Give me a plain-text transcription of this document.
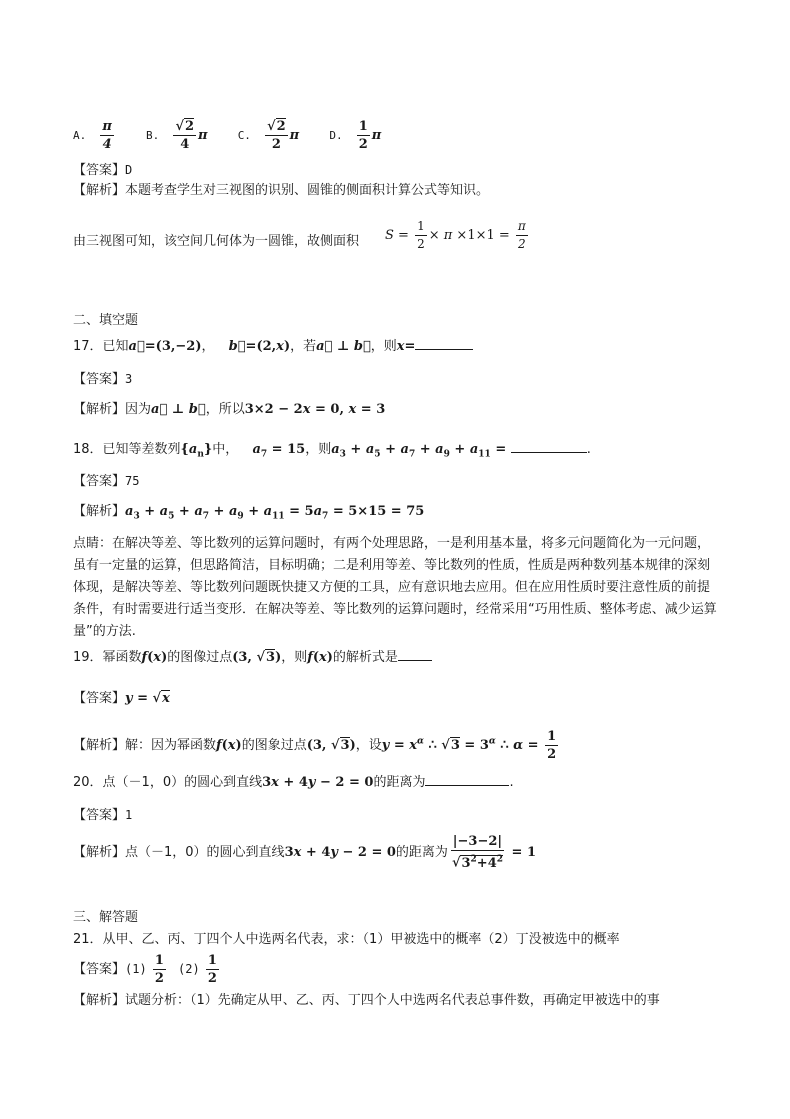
A. $\frac{\pi}{4}$	B. $\frac{√2}{4}$ π	C. $\frac{√2}{2}$ π	D. $\frac{1}{2}$ π
【答案】D
【解析】本题考查学生对三视图的识别、圆锥的侧面积计算公式等知识。
由三视图可知，该空间几何体为一圆锥，故侧面积 $S = \frac{1}{2} \times \pi \times 1\times 1 = \frac{\pi}{2}$
二、填空题
17．已知a⃗=(3,−2)， b⃗=(2,x)，若a⃗ ⊥ b⃗，则x=
【答案】3
【解析】因为a⃗ ⊥ b⃗，所以3×2 − 2x = 0, x = 3
18．已知等差数列$\{a_n\}$中， $a_7 = 15$，则$a_3 + a_5 + a_7 + a_9 + a_{11}$ =	.
【答案】75
【解析】$a_3 + a_5 + a_7 + a_9 + a_{11} = 5a_7 = 5\times 15 = 75$
点睛：在解决等差、等比数列的运算问题时，有两个处理思路，一是利用基本量，将多元问题简化为一元问题，虽有一定量的运算，但思路简洁，目标明确；二是利用等差、等比数列的性质，性质是两种数列基本规律的深刻体现，是解决等差、等比数列问题既快捷又方便的工具，应有意识地去应用。但在应用性质时要注意性质的前提条件，有时需要进行适当变形．在解决等差、等比数列的运算问题时，经常采用“巧用性质、整体考虑、减少运算量”的方法.
19．幂函数f(x)的图像过点(3, √3)，则f(x)的解析式是
【答案】y = √x
【解析】解：因为幂函数f(x)的图象过点(3, √3)，设$y = x^\alpha$ ∴ $√3 = 3^\alpha$ ∴ $\alpha = \frac{1}{2}$
20．点（－1，0）的圆心到直线3x + 4y − 2 = 0的距离为	.
【答案】1
【解析】点（－1，0）的圆心到直线3x + 4y − 2 = 0的距离为 $\frac{|-3-2|}{√3^2+4^2} = 1$
三、解答题
21．从甲、乙、丙、丁四个人中选两名代表，求：（1）甲被选中的概率（2）丁没被选中的概率
【答案】$(1) \frac{1}{2} (2) \frac{1}{2}$
【解析】试题分析：（1）先确定从甲、乙、丙、丁四个人中选两名代表总事件数，再确定甲被选中的事
